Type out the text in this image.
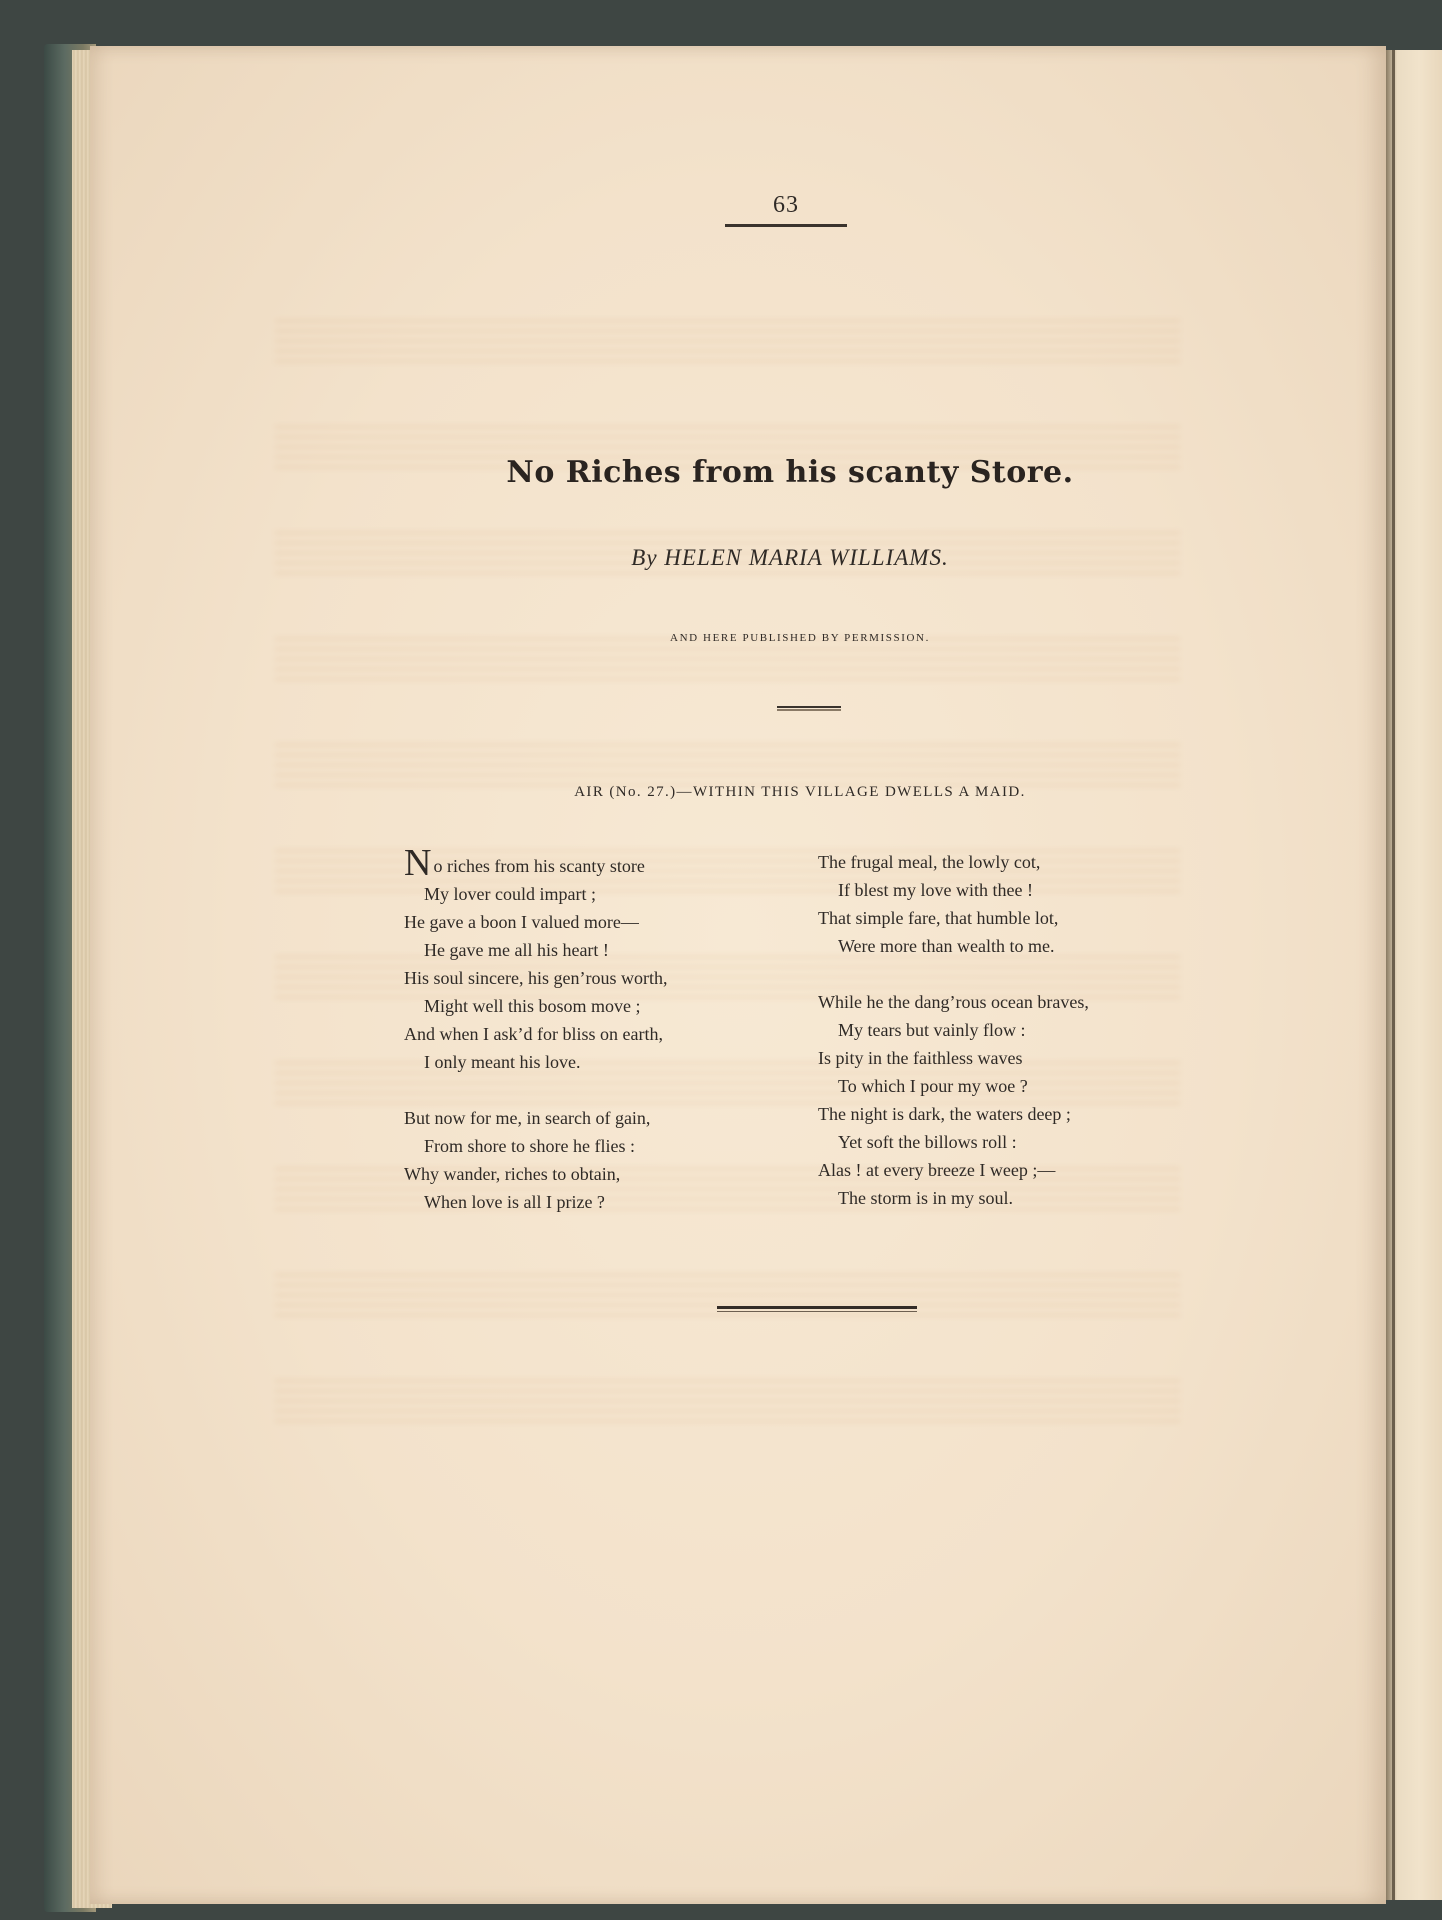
63
No Riches from his scanty Store.
By HELEN MARIA WILLIAMS.
AND HERE PUBLISHED BY PERMISSION.
AIR (No. 27.)—WITHIN THIS VILLAGE DWELLS A MAID.
No riches from his scanty store
My lover could impart ;
He gave a boon I valued more—
He gave me all his heart !
His soul sincere, his gen’rous worth,
Might well this bosom move ;
And when I ask’d for bliss on earth,
I only meant his love.
But now for me, in search of gain,
From shore to shore he flies :
Why wander, riches to obtain,
When love is all I prize ?
The frugal meal, the lowly cot,
If blest my love with thee !
That simple fare, that humble lot,
Were more than wealth to me.
While he the dang’rous ocean braves,
My tears but vainly flow :
Is pity in the faithless waves
To which I pour my woe ?
The night is dark, the waters deep ;
Yet soft the billows roll :
Alas ! at every breeze I weep ;—
The storm is in my soul.
